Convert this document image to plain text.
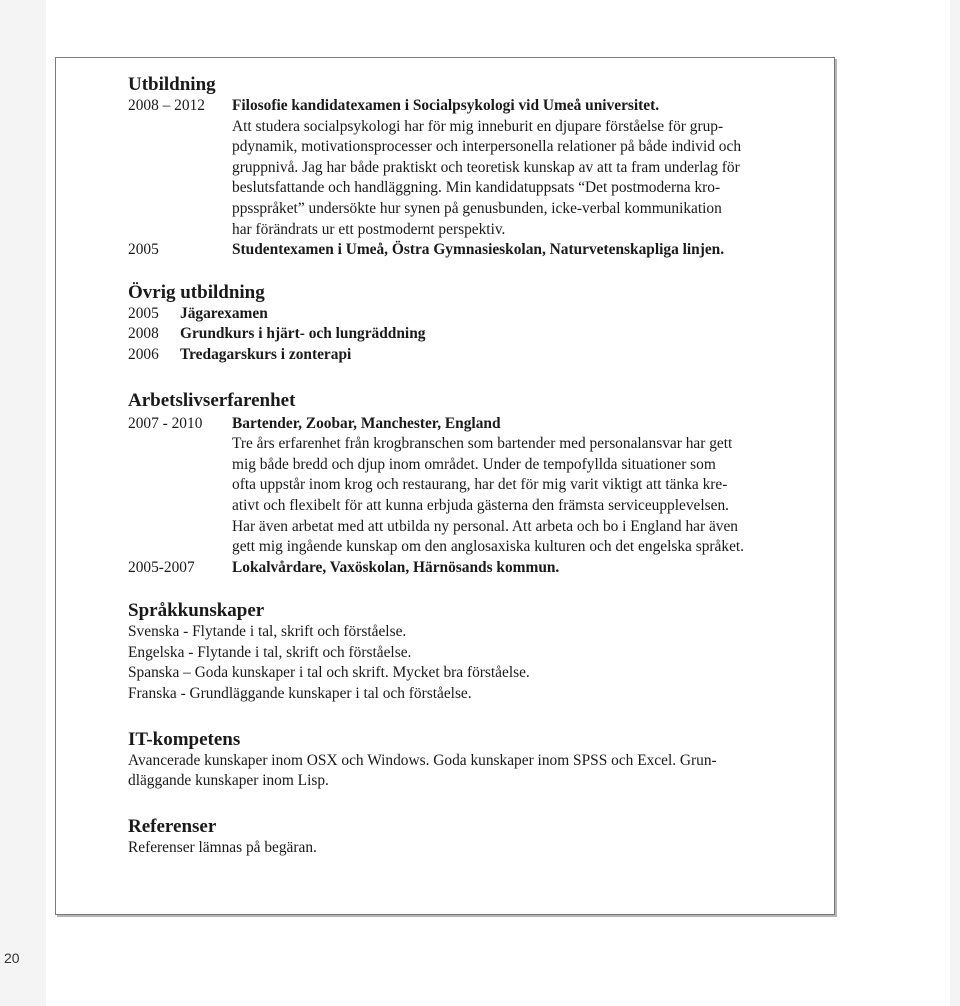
20
Utbildning
2008 – 2012	Filosofie kandidatexamen i Socialpsykologi vid Umeå universitet.
Att studera socialpsykologi har för mig inneburit en djupare förståelse för grup-
pdynamik, motivationsprocesser och interpersonella relationer på både individ och
gruppnivå. Jag har både praktiskt och teoretisk kunskap av att ta fram underlag för
beslutsfattande och handläggning. Min kandidatuppsats “Det postmoderna kro-
ppsspråket” undersökte hur synen på genusbunden, icke-verbal kommunikation
har förändrats ur ett postmodernt perspektiv.
2005	Studentexamen i Umeå, Östra Gymnasieskolan, Naturvetenskapliga linjen.
Övrig utbildning
2005	Jägarexamen
2008	Grundkurs i hjärt- och lungräddning
2006	Tredagarskurs i zonterapi
Arbetslivserfarenhet
2007 - 2010	Bartender, Zoobar, Manchester, England
Tre års erfarenhet från krogbranschen som bartender med personalansvar har gett
mig både bredd och djup inom området. Under de tempofyllda situationer som
ofta uppstår inom krog och restaurang, har det för mig varit viktigt att tänka kre-
ativt och flexibelt för att kunna erbjuda gästerna den främsta serviceupplevelsen.
Har även arbetat med att utbilda ny personal. Att arbeta och bo i England har även
gett mig ingående kunskap om den anglosaxiska kulturen och det engelska språket.
2005-2007	Lokalvårdare, Vaxöskolan, Härnösands kommun.
Språkkunskaper
Svenska - Flytande i tal, skrift och förståelse.
Engelska - Flytande i tal, skrift och förståelse.
Spanska – Goda kunskaper i tal och skrift. Mycket bra förståelse.
Franska - Grundläggande kunskaper i tal och förståelse.
IT-kompetens
Avancerade kunskaper inom OSX och Windows. Goda kunskaper inom SPSS och Excel. Grun-
dläggande kunskaper inom Lisp.
Referenser
Referenser lämnas på begäran.
